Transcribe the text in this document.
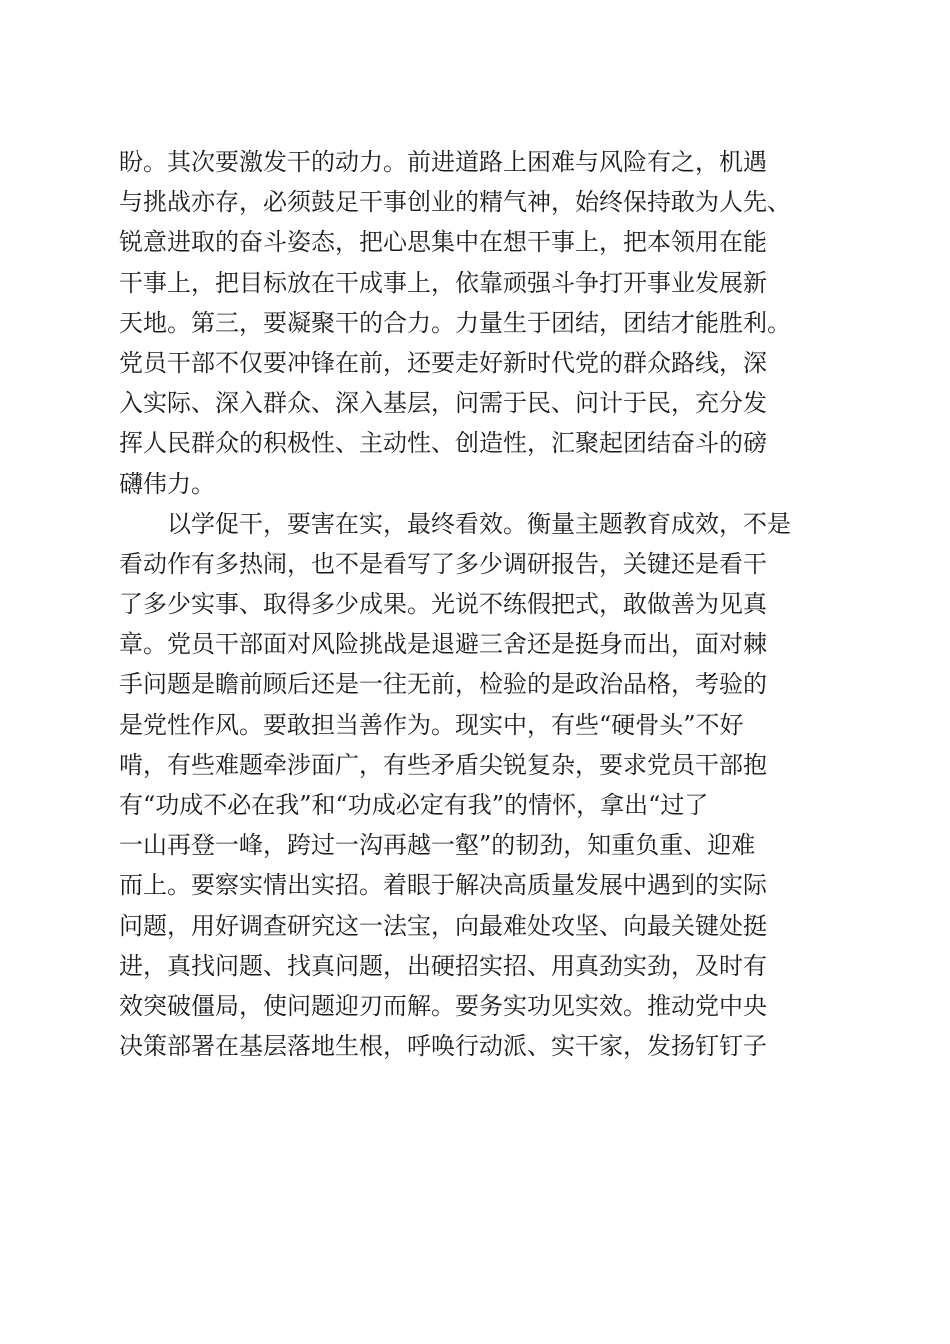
盼。其次要激发干的动力。前进道路上困难与风险有之，机遇
与挑战亦存，必须鼓足干事创业的精气神，始终保持敢为人先、
锐意进取的奋斗姿态，把心思集中在想干事上，把本领用在能
干事上，把目标放在干成事上，依靠顽强斗争打开事业发展新
天地。第三，要凝聚干的合力。力量生于团结，团结才能胜利。
党员干部不仅要冲锋在前，还要走好新时代党的群众路线，深
入实际、深入群众、深入基层，问需于民、问计于民，充分发
挥人民群众的积极性、主动性、创造性，汇聚起团结奋斗的磅
礴伟力。
　　以学促干，要害在实，最终看效。衡量主题教育成效，不是
看动作有多热闹，也不是看写了多少调研报告，关键还是看干
了多少实事、取得多少成果。光说不练假把式，敢做善为见真
章。党员干部面对风险挑战是退避三舍还是挺身而出，面对棘
手问题是瞻前顾后还是一往无前，检验的是政治品格，考验的
是党性作风。要敢担当善作为。现实中，有些“硬骨头”不好
啃，有些难题牵涉面广，有些矛盾尖锐复杂，要求党员干部抱
有“功成不必在我”和“功成必定有我”的情怀，拿出“过了
一山再登一峰，跨过一沟再越一壑”的韧劲，知重负重、迎难
而上。要察实情出实招。着眼于解决高质量发展中遇到的实际
问题，用好调查研究这一法宝，向最难处攻坚、向最关键处挺
进，真找问题、找真问题，出硬招实招、用真劲实劲，及时有
效突破僵局，使问题迎刃而解。要务实功见实效。推动党中央
决策部署在基层落地生根，呼唤行动派、实干家，发扬钉钉子
